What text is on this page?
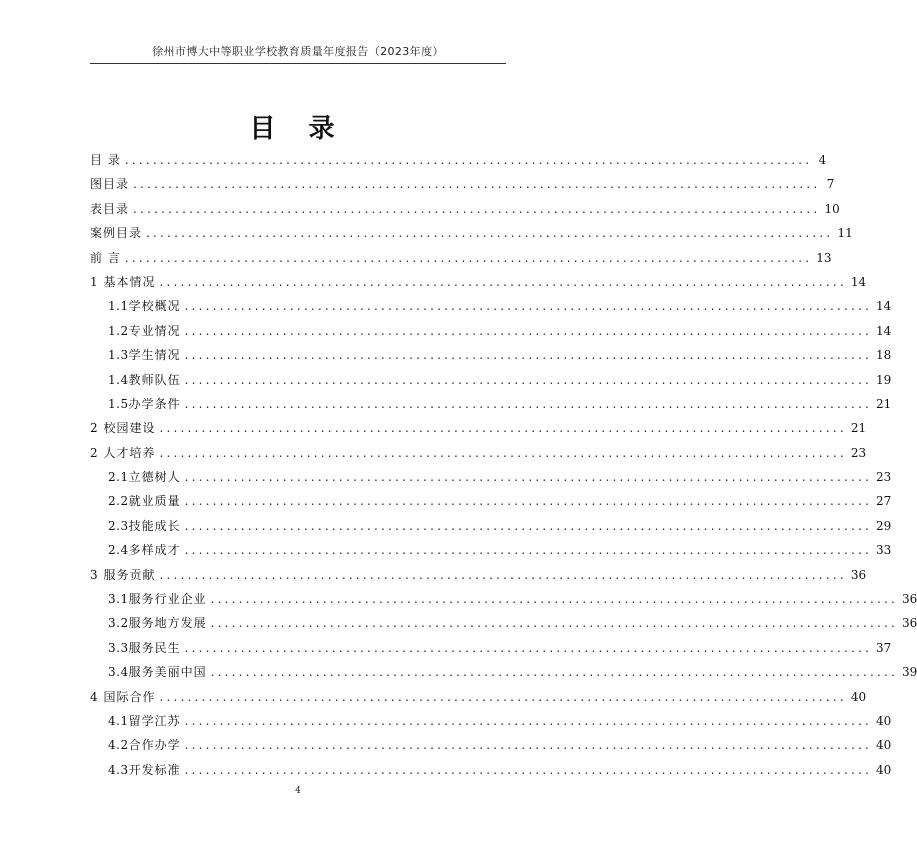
徐州市博大中等职业学校教育质量年度报告（2023年度）
目 录
目 录 .................................................................................................. 4
图目录 .................................................................................................. 7
表目录 .................................................................................................. 10
案例目录 .................................................................................................. 11
前 言 .................................................................................................. 13
1 基本情况 .................................................................................................. 14
1.1 学校概况 .................................................................................................. 14
1.2 专业情况 .................................................................................................. 14
1.3 学生情况 .................................................................................................. 18
1.4 教师队伍 .................................................................................................. 19
1.5 办学条件 .................................................................................................. 21
2 校园建设 .................................................................................................. 21
2 人才培养 .................................................................................................. 23
2.1 立德树人 .................................................................................................. 23
2.2 就业质量 .................................................................................................. 27
2.3 技能成长 .................................................................................................. 29
2.4 多样成才 .................................................................................................. 33
3 服务贡献 .................................................................................................. 36
3.1 服务行业企业 .................................................................................................. 36
3.2 服务地方发展 .................................................................................................. 36
3.3 服务民生 .................................................................................................. 37
3.4 服务美丽中国 .................................................................................................. 39
4 国际合作 .................................................................................................. 40
4.1 留学江苏 .................................................................................................. 40
4.2 合作办学 .................................................................................................. 40
4.3 开发标准 .................................................................................................. 40
4
